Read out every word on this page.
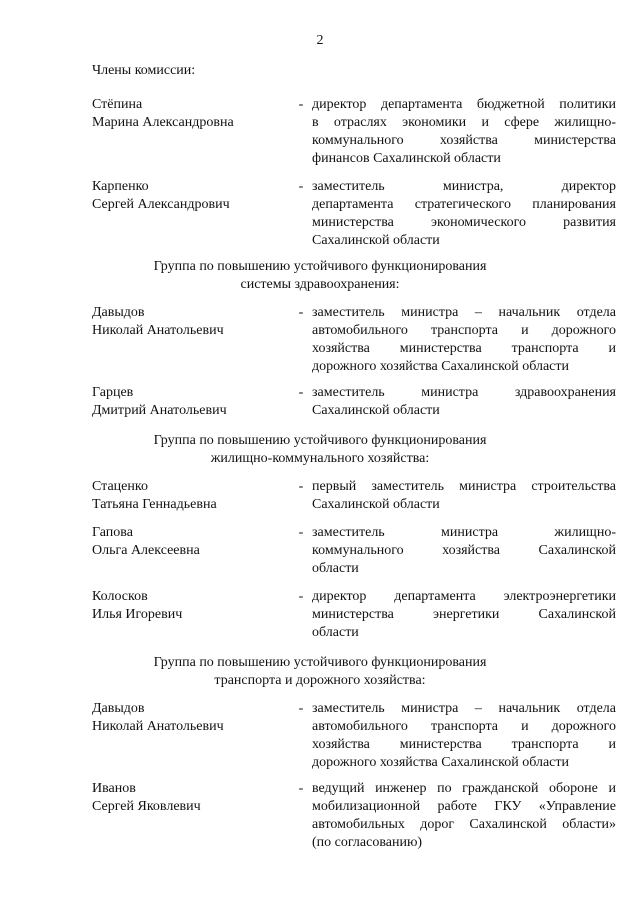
2
Члены комиссии:
Стёпина
Марина Александровна
- директор департамента бюджетной политики
в отраслях экономики и сфере жилищно-
коммунального хозяйства министерства
финансов Сахалинской области
Карпенко
Сергей Александрович
- заместитель министра, директор
департамента стратегического планирования
министерства экономического развития
Сахалинской области
Группа по повышению устойчивого функционирования
системы здравоохранения:
Давыдов
Николай Анатольевич
- заместитель министра – начальник отдела
автомобильного транспорта и дорожного
хозяйства министерства транспорта и
дорожного хозяйства Сахалинской области
Гарцев
Дмитрий Анатольевич
- заместитель министра здравоохранения
Сахалинской области
Группа по повышению устойчивого функционирования
жилищно-коммунального хозяйства:
Стаценко
Татьяна Геннадьевна
- первый заместитель министра строительства
Сахалинской области
Гапова
Ольга Алексеевна
- заместитель министра жилищно-
коммунального хозяйства Сахалинской
области
Колосков
Илья Игоревич
- директор департамента электроэнергетики
министерства энергетики Сахалинской
области
Группа по повышению устойчивого функционирования
транспорта и дорожного хозяйства:
Давыдов
Николай Анатольевич
- заместитель министра – начальник отдела
автомобильного транспорта и дорожного
хозяйства министерства транспорта и
дорожного хозяйства Сахалинской области
Иванов
Сергей Яковлевич
- ведущий инженер по гражданской обороне и
мобилизационной работе ГКУ «Управление
автомобильных дорог Сахалинской области»
(по согласованию)
